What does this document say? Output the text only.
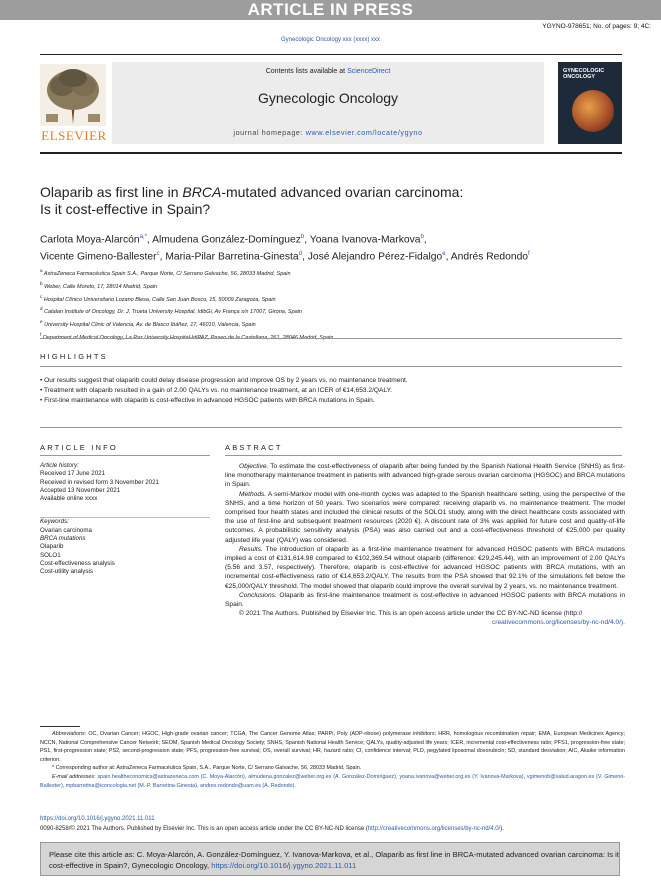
ARTICLE IN PRESS
YGYNO-978651; No. of pages: 9; 4C:
Gynecologic Oncology xxx (xxxx) xxx
ELSEVIER
Contents lists available at ScienceDirect
Gynecologic Oncology
journal homepage: www.elsevier.com/locate/ygyno
GYNECOLOGIC ONCOLOGY
Olaparib as first line in BRCA-mutated advanced ovarian carcinoma:
Is it cost-effective in Spain?
Carlota Moya-Alarcón$^{a,*}$, Almudena González-Domínguez$^b$, Yoana Ivanova-Markova$^b$,
Vicente Gimeno-Ballester$^c$, Maria-Pilar Barretina-Ginesta$^d$, José Alejandro Pérez-Fidalgo$^e$, Andrés Redondo$^f$
$^a$ AstraZeneca Farmacéutica Spain S.A., Parque Norte, C/ Serrano Galvache, 56, 28033 Madrid, Spain
$^b$ Weber, Calle Moreto, 17, 28014 Madrid, Spain
$^c$ Hospital Clínico Universitario Lozano Blesa, Calle San Juan Bosco, 15, 50009 Zaragoza, Spain
$^d$ Catalan Institute of Oncology, Dr. J. Trueta University Hospital, IdibGi, Av França s/n 17007, Girona, Spain
$^e$ University Hospital Clinic of Valencia, Av. de Blasco Ibáñez, 17, 46010, Valencia, Spain
$^f$
HIGHLIGHTS
• Our results suggest that olaparib could delay disease progression and improve OS by 2 years vs. no maintenance treatment.
• Treatment with olaparib resulted in a gain of 2.00 QALYs vs. no maintenance treatment, at an ICER of €14,653.2/QALY.
• First-line maintenance with olaparib is cost-effective in advanced HGSOC patients with BRCA mutations in Spain.
ARTICLE INFO	ABSTRACT
Article history:
Received 17 June 2021
Received in revised form 3 November 2021
Accepted 13 November 2021
Available online xxxx
Keywords:
Ovarian carcinoma
BRCA mutations
Olaparib
SOLO1
Cost-effectiveness analysis
Cost-utility analysis

Objective. To estimate the cost-effectiveness of olaparib after being funded by the Spanish National Health Service (SNHS) as first-line monotherapy maintenance treatment in patients with advanced high-grade serous ovarian carcinoma (HGSOC) and BRCA mutations in Spain.

Methods. A semi-Markov model with one-month cycles was adapted to the Spanish healthcare setting, using the perspective of the SNHS, and a time horizon of 50 years. Two scenarios were compared: receiving olaparib vs. no maintenance treatment. The model comprised four health states and included the clinical results of the SOLO1 study, along with the direct healthcare costs associated with the use of first-line and subsequent treatment resources (2020 €). A discount rate of 3% was applied for future cost and quality-of-life outcomes. A probabilistic sensitivity analysis (PSA) was also carried out and a cost-effectiveness threshold of €25,000 per quality adjusted life year (QALY) was considered.

Results. The introduction of olaparib as a first-line maintenance treatment for advanced HGSOC patients with BRCA mutations implied a cost of €131,614.98 compared to €102,369.54 without olaparib (difference: €29,245.44), with an improvement of 2.00 QALYs (5.56 and 3.57, respectively). Therefore, olaparib is cost-effective for advanced HGSOC patients with BRCA mutations, with an incremental cost-effectiveness ratio of €14,653.2/QALY. The results from the PSA showed that 92.1% of the simulations fell below the €25,000/QALY threshold. The model showed that olaparib could improve the overall survival by 2 years, vs. no maintenance treatment.

Conclusions. Olaparib as first-line maintenance treatment is cost-effective in advanced HGSOC patients with BRCA mutations in Spain.

© 2021 The Authors. Published by Elsevier Inc. This is an open access article under the CC BY-NC-ND license (http://

creativecommons.org/licenses/by-nc-nd/4.0/).

Abbreviations: OC, Ovarian Cancer; HGOC, High-grade ovarian cancer; TCGA, The Cancer Genome Atlas; PARPi, Poly (ADP-ribose) polymerase inhibitors; HRR, homologous recombination repair; EMA, European Medicines Agency; NCCN, National Comprehensive Cancer Network; SEOM, Spanish Medical Oncology Society; SNHS, Spanish National Health Service; QALYs, quality-adjusted life years; ICER, incremental cost-effectiveness ratio; PFS1, progression-free state; PS1, first-progression state; PS2, second-progression state; PFS, progression-free survival; OS, overall survival; HR, hazard ratio; CI, confidence interval; PLD, pegylated liposomal doxorubicin; SD, standard desviation; AIC, Akaike information criterion.

* Corresponding author at: AstraZeneca Farmacéutica Spain, S.A., Parque Norte, C/ Serrano Galvache, 56, 28033 Madrid, Spain.

E-mail addresses: spain.healtheconomics@astrazeneca.com (C. Moya-Alarcón), almudena.gonzalez@weber.org.es (A. González-Domínguez), yoana.ivanova@weber.org.es (Y. Ivanova-Markova), vgimenob@salud.aragon.es (V. Gimeno-Ballester), mpbarretina@iconcologia.net (M.-P. Barretina-Ginesta), andres.redondo@uam.es (A. Redondo).

https://doi.org/10.1016/j.ygyno.2021.11.011
0090-8258/© 2021 The Authors. Published by Elsevier Inc. This is an open access article under the CC BY-NC-ND license (http://creativecommons.org/licenses/by-nc-nd/4.0/).
Please cite this article as: C. Moya-Alarcón, A. González-Domínguez, Y. Ivanova-Markova, et al., Olaparib as first line in BRCA-mutated advanced ovarian carcinoma: Is it cost-effective in Spain?, Gynecologic Oncology, https://doi.org/10.1016/j.ygyno.2021.11.011
